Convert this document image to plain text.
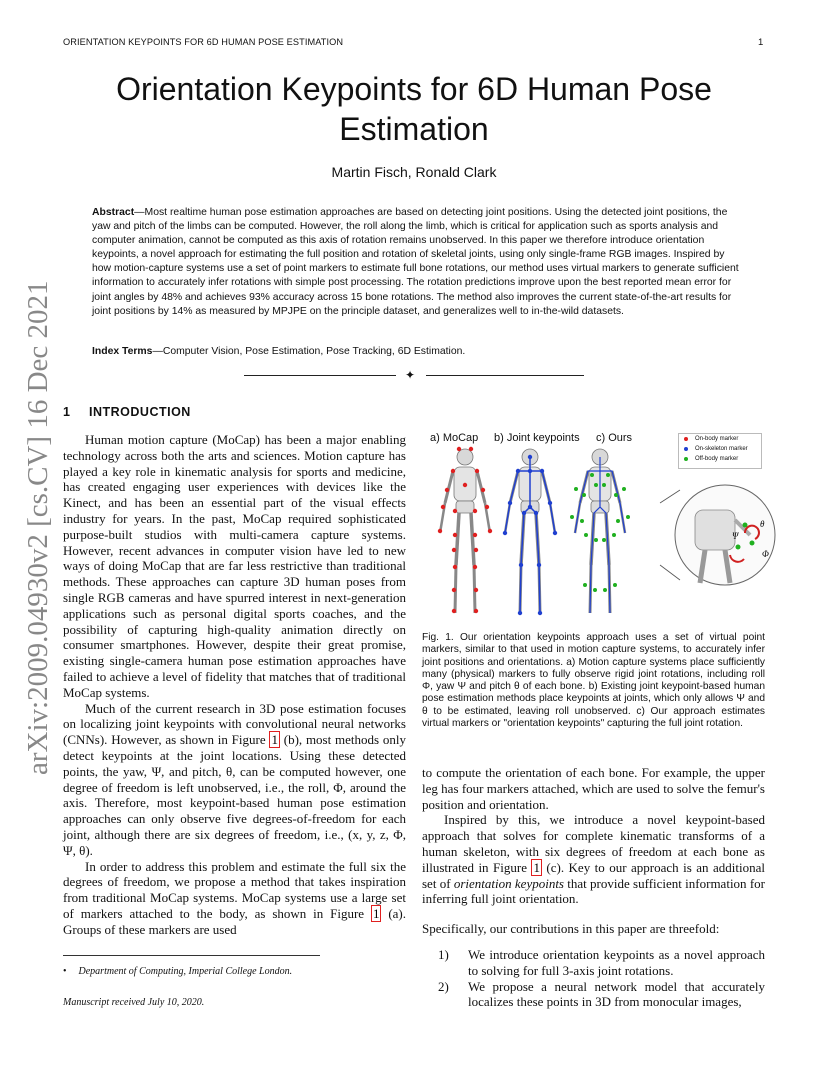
ORIENTATION KEYPOINTS FOR 6D HUMAN POSE ESTIMATION	1
arXiv:2009.04930v2 [cs.CV] 16 Dec 2021
Orientation Keypoints for 6D Human Pose Estimation
Martin Fisch, Ronald Clark
Abstract—Most realtime human pose estimation approaches are based on detecting joint positions. Using the detected joint positions, the yaw and pitch of the limbs can be computed. However, the roll along the limb, which is critical for application such as sports analysis and computer animation, cannot be computed as this axis of rotation remains unobserved. In this paper we therefore introduce orientation keypoints, a novel approach for estimating the full position and rotation of skeletal joints, using only single-frame RGB images. Inspired by how motion-capture systems use a set of point markers to estimate full bone rotations, our method uses virtual markers to generate sufficient information to accurately infer rotations with simple post processing. The rotation predictions improve upon the best reported mean error for joint angles by 48% and achieves 93% accuracy across 15 bone rotations. The method also improves the current state-of-the-art results for joint positions by 14% as measured by MPJPE on the principle dataset, and generalizes well to in-the-wild datasets.
Index Terms—Computer Vision, Pose Estimation, Pose Tracking, 6D Estimation.
✦
1 INTRODUCTION

Human motion capture (MoCap) has been a major enabling technology across both the arts and sciences. Motion capture has played a key role in kinematic analysis for sports and medicine, has created engaging user experiences with devices like the Kinect, and has been an essential part of the visual effects industry for years. In the past, MoCap required sophisticated purpose-built studios with multi-camera capture systems. However, recent advances in computer vision have led to new ways of doing MoCap that are far less restrictive than traditional methods. These approaches can capture 3D human poses from single RGB cameras and have spurred interest in next-generation applications such as personal digital sports coaches, and the possibility of capturing high-quality animation directly on consumer smartphones. However, despite their great promise, existing single-camera human pose estimation approaches have failed to achieve a level of fidelity that matches that of traditional MoCap systems.

Much of the current research in 3D pose estimation focuses on localizing joint keypoints with convolutional neural networks (CNNs). However, as shown in Figure 1 (b), most methods only detect keypoints at the joint locations. Using these detected points, the yaw, Ψ, and pitch, θ, can be computed however, one degree of freedom is left unobserved, i.e., the roll, Φ, around the axis. Therefore, most keypoint-based human pose estimation approaches can only observe five degrees-of-freedom for each joint, although there are six degrees of freedom, i.e., (x, y, z, Φ, Ψ, θ).

In order to address this problem and estimate the full six the degrees of freedom, we propose a method that takes inspiration from traditional MoCap systems. MoCap systems use a large set of markers attached to the body, as shown in Figure 1 (a). Groups of these markers are used

• Department of Computing, Imperial College London.
Manuscript received July 10, 2020.
a) MoCap b) Joint keypoints c) Ours	On-body marker
On-skeleton marker
Off-body marker
Ψ
θ
Φ
Fig. 1. Our orientation keypoints approach uses a set of virtual point markers, similar to that used in motion capture systems, to accurately infer joint positions and orientations. a) Motion capture systems place sufficiently many (physical) markers to fully observe rigid joint rotations, including roll Φ, yaw Ψ and pitch θ of each bone. b) Existing joint keypoint-based human pose estimation methods place keypoints at joints, which only allows Ψ and θ to be estimated, leaving roll unobserved. c) Our approach estimates virtual markers or "orientation keypoints" capturing the full joint rotation.

to compute the orientation of each bone. For example, the upper leg has four markers attached, which are used to solve the femur's position and orientation.

Inspired by this, we introduce a novel keypoint-based approach that solves for complete kinematic transforms of a human skeleton, with six degrees of freedom at each bone as illustrated in Figure 1 (c). Key to our approach is an additional set of orientation keypoints that provide sufficient information for inferring full joint orientation.

Specifically, our contributions in this paper are threefold:

1) We introduce orientation keypoints as a novel approach to solving for full 3-axis joint rotations.
2) We propose a neural network model that accurately localizes these points in 3D from monocular images,
